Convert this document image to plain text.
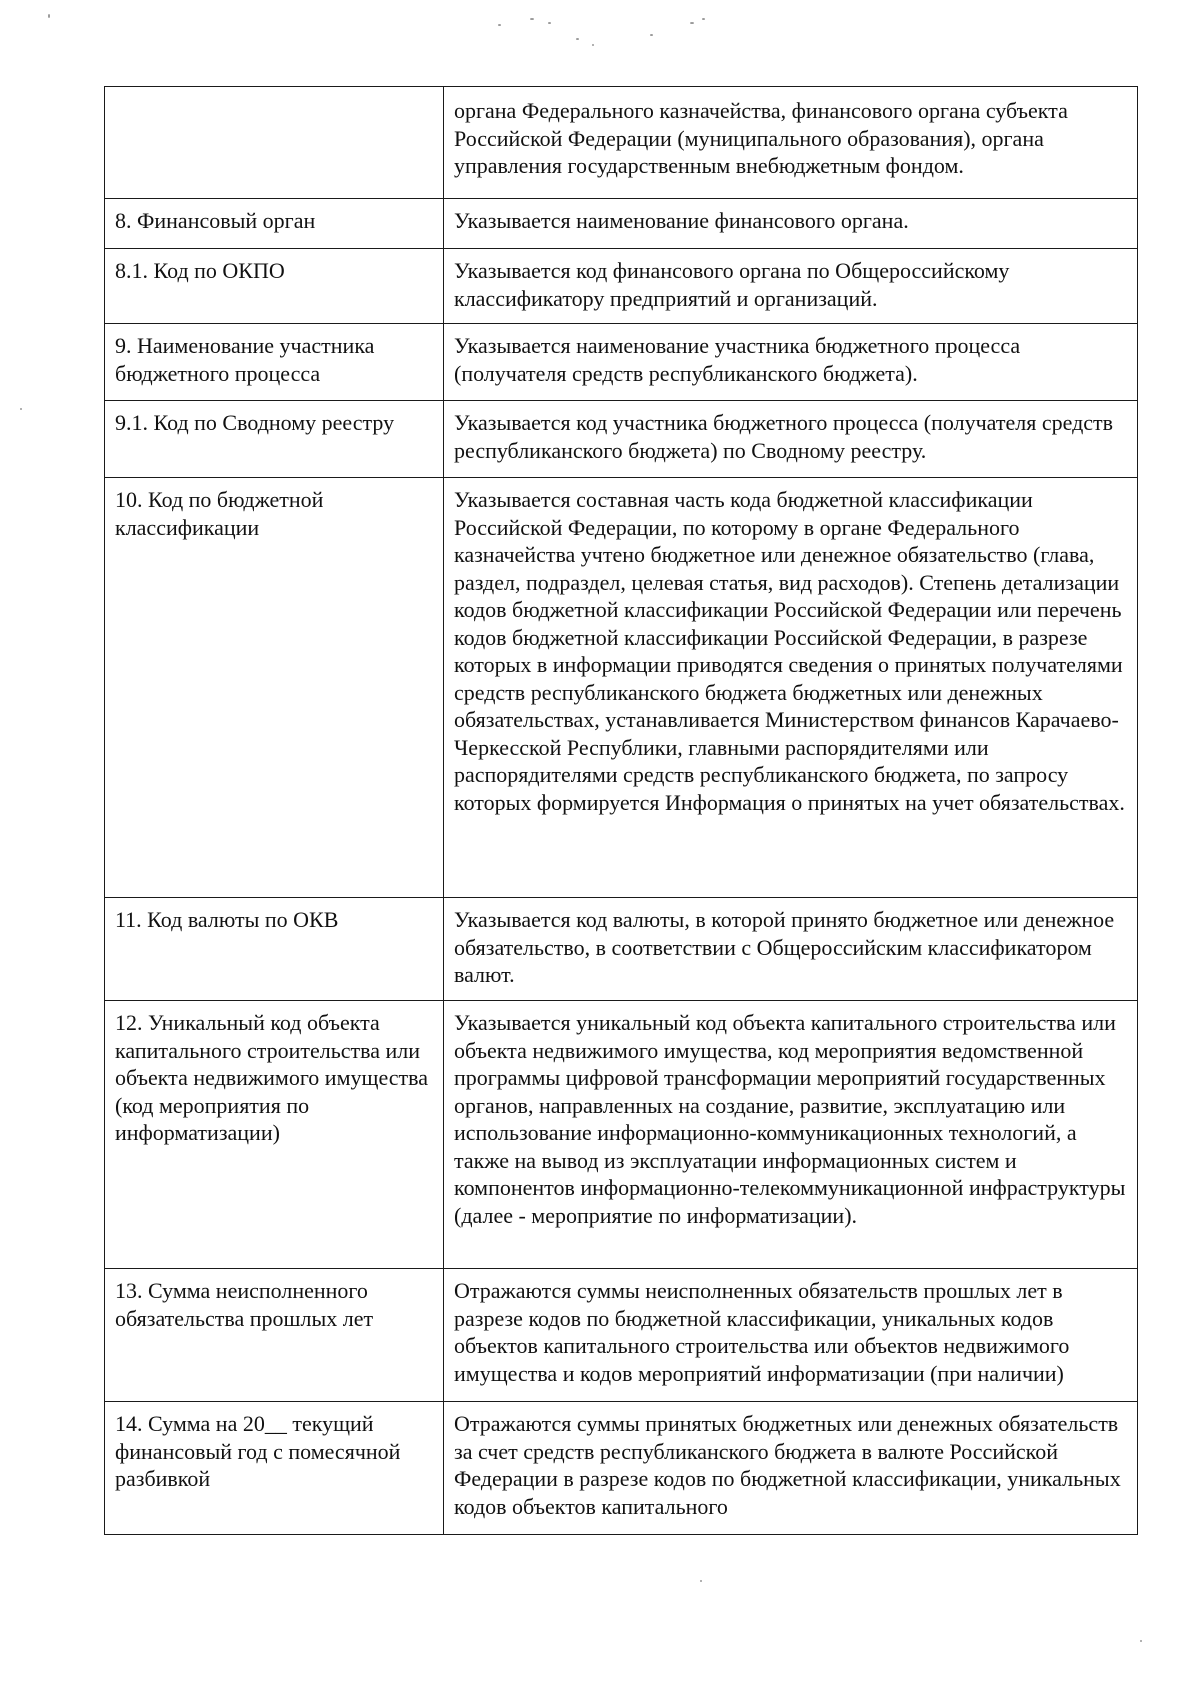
	органа Федерального казначейства, финансового органа субъекта Российской Федерации (муниципального образования), органа управления государственным внебюджетным фондом.
8. Финансовый орган	Указывается наименование финансового органа.
8.1. Код по ОКПО	Указывается код финансового органа по Общероссийскому классификатору предприятий и организаций.
9. Наименование участника бюджетного процесса	Указывается наименование участника бюджетного процесса (получателя средств республиканского бюджета).
9.1. Код по Сводному реестру	Указывается код участника бюджетного процесса (получателя средств республиканского бюджета) по Сводному реестру.
10. Код по бюджетной классификации	Указывается составная часть кода бюджетной классификации Российской Федерации, по которому в органе Федерального казначейства учтено бюджетное или денежное обязательство (глава, раздел, подраздел, целевая статья, вид расходов). Степень детализации кодов бюджетной классификации Российской Федерации или перечень кодов бюджетной классификации Российской Федерации, в разрезе которых в информации приводятся сведения о принятых получателями средств республиканского бюджета бюджетных или денежных обязательствах, устанавливается Министерством финансов Карачаево-Черкесской Республики, главными распорядителями или распорядителями средств республиканского бюджета, по запросу которых формируется Информация о принятых на учет обязательствах.
11. Код валюты по ОКВ	Указывается код валюты, в которой принято бюджетное или денежное обязательство, в соответствии с Общероссийским классификатором валют.
12. Уникальный код объекта капитального строительства или объекта недвижимого имущества (код мероприятия по информатизации)	Указывается уникальный код объекта капитального строительства или объекта недвижимого имущества, код мероприятия ведомственной программы цифровой трансформации мероприятий государственных органов, направленных на создание, развитие, эксплуатацию или использование информационно-коммуникационных технологий, а также на вывод из эксплуатации информационных систем и компонентов информационно-телекоммуникационной инфраструктуры (далее - мероприятие по информатизации).
13. Сумма неисполненного обязательства прошлых лет	Отражаются суммы неисполненных обязательств прошлых лет в разрезе кодов по бюджетной классификации, уникальных кодов объектов капитального строительства или объектов недвижимого имущества и кодов мероприятий информатизации (при наличии)
14. Сумма на 20__ текущий финансовый год с помесячной разбивкой	Отражаются суммы принятых бюджетных или денежных обязательств за счет средств республиканского бюджета в валюте Российской Федерации в разрезе кодов по бюджетной классификации, уникальных кодов объектов капитального
